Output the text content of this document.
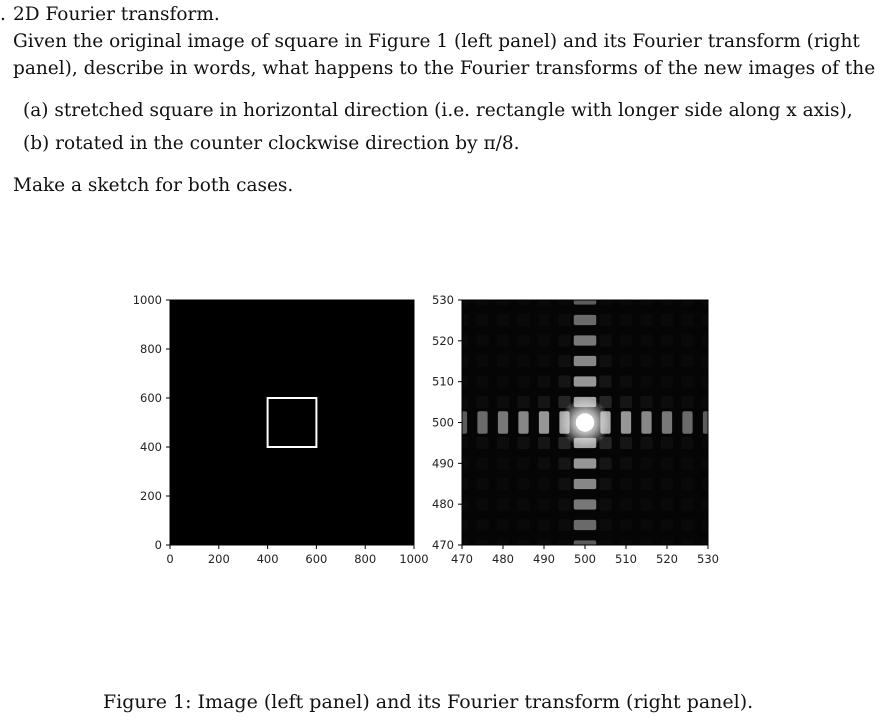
. 2D Fourier transform.
Given the original image of square in Figure 1 (left panel) and its Fourier transform (right
panel), describe in words, what happens to the Fourier transforms of the new images of the
(a) stretched square in horizontal direction (i.e. rectangle with longer side along x axis),
(b) rotated in the counter clockwise direction by π/8.
Make a sketch for both cases.
0	200 400 600 800 1000
0
200
400
600
800
1000
470 480 490 500 510 520 530
470
480
490
500
510
520
530
Figure 1: Image (left panel) and its Fourier transform (right panel).
